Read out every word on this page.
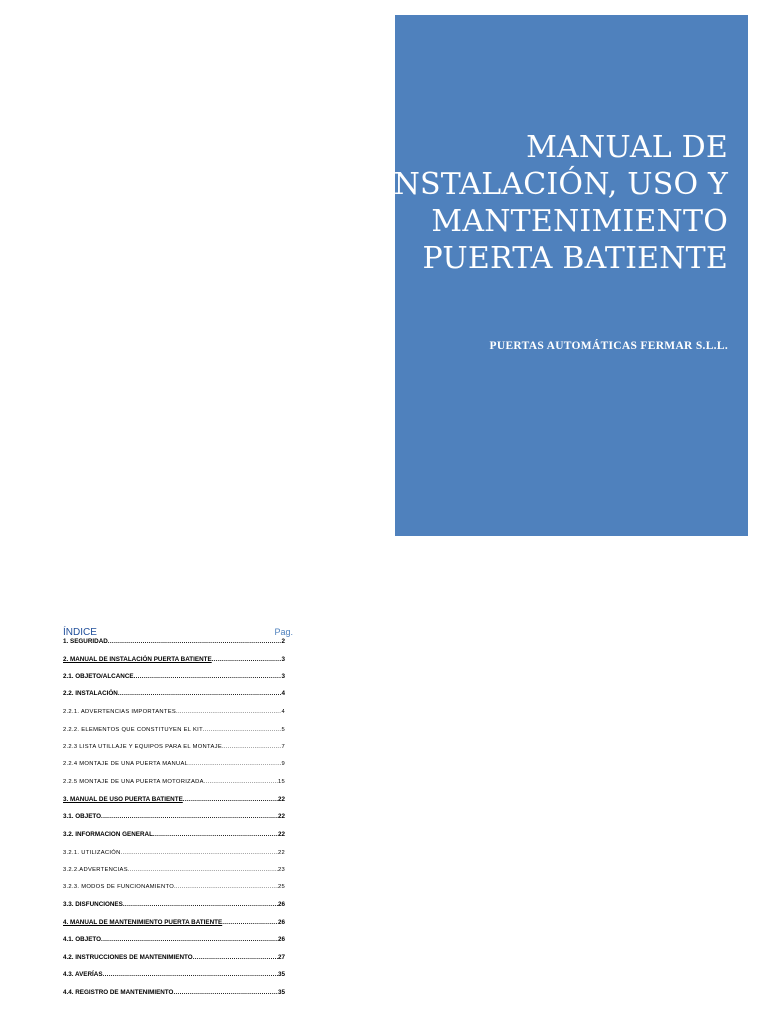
MANUAL DE
INSTALACIÓN, USO Y
MANTENIMIENTO
PUERTA BATIENTE
PUERTAS AUTOMÁTICAS FERMAR S.L.L.
ÍNDICE	Pag.
1. SEGURIDAD .....	2
2. MANUAL DE INSTALACIÓN PUERTA BATIENTE .....	3
2.1. OBJETO/ALCANCE .....	3
2.2. INSTALACIÓN .....	4
2.2.1. ADVERTENCIAS IMPORTANTES .....	4
2.2.2. ELEMENTOS QUE CONSTITUYEN EL KIT .....	5
2.2.3 LISTA UTILLAJE Y EQUIPOS PARA EL MONTAJE .....	7
2.2.4 MONTAJE DE UNA PUERTA MANUAL .....	9
2.2.5 MONTAJE DE UNA PUERTA MOTORIZADA .....	15
3. MANUAL DE USO PUERTA BATIENTE .....	22
3.1. OBJETO .....	22
3.2. INFORMACION GENERAL .....	22
3.2.1. UTILIZACIÓN .....	22
3.2.2.ADVERTENCIAS .....	23
3.2.3. MODOS DE FUNCIONAMIENTO .....	25
3.3. DISFUNCIONES .....	26
4. MANUAL DE MANTENIMIENTO PUERTA BATIENTE .....	26
4.1. OBJETO .....	26
4.2. INSTRUCCIONES DE MANTENIMIENTO .....	27
4.3. AVERÍAS .....	35
4.4. REGISTRO DE MANTENIMIENTO .....	35
